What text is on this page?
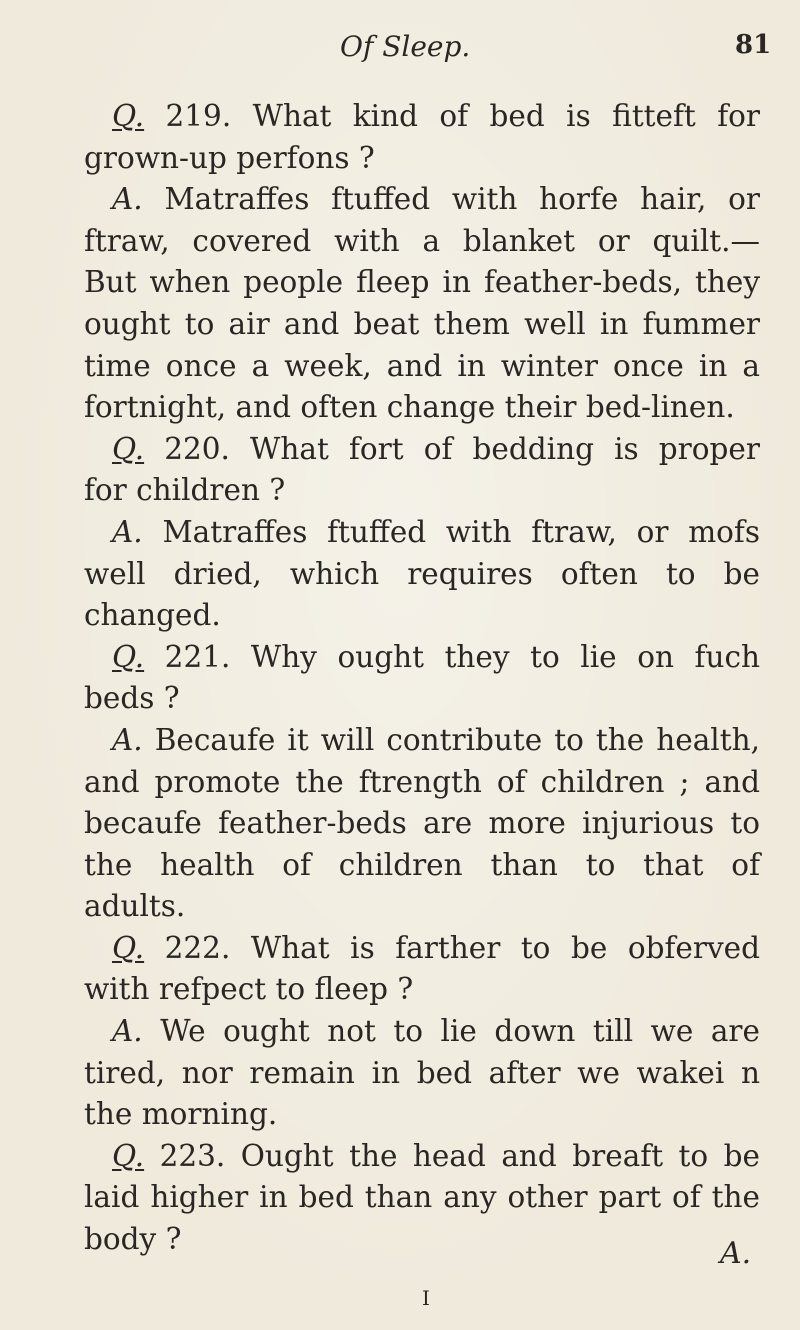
Of Sleep.	81
Q. 219. What kind of bed is fitteft for
grown-up perfons ?
A. Matraffes ftuffed with horfe hair, or
ftraw, covered with a blanket or quilt.—
But when people fleep in feather-beds, they
ought to air and beat them well in fummer
time once a week, and in winter once in a
fortnight, and often change their bed-linen.
Q. 220. What fort of bedding is proper
for children ?
A. Matraffes ftuffed with ftraw, or mofs
well dried, which requires often to be
changed.
Q. 221. Why ought they to lie on fuch
beds ?
A. Becaufe it will contribute to the health,
and promote the ftrength of children ; and
becaufe feather-beds are more injurious to
the health of children than to that of
adults.
Q. 222. What is farther to be obferved
with refpect to fleep ?
A. We ought not to lie down till we are
tired, nor remain in bed after we wakei n
the morning.
Q. 223. Ought the head and breaft to be
laid higher in bed than any other part of the
body ?	A.
I
